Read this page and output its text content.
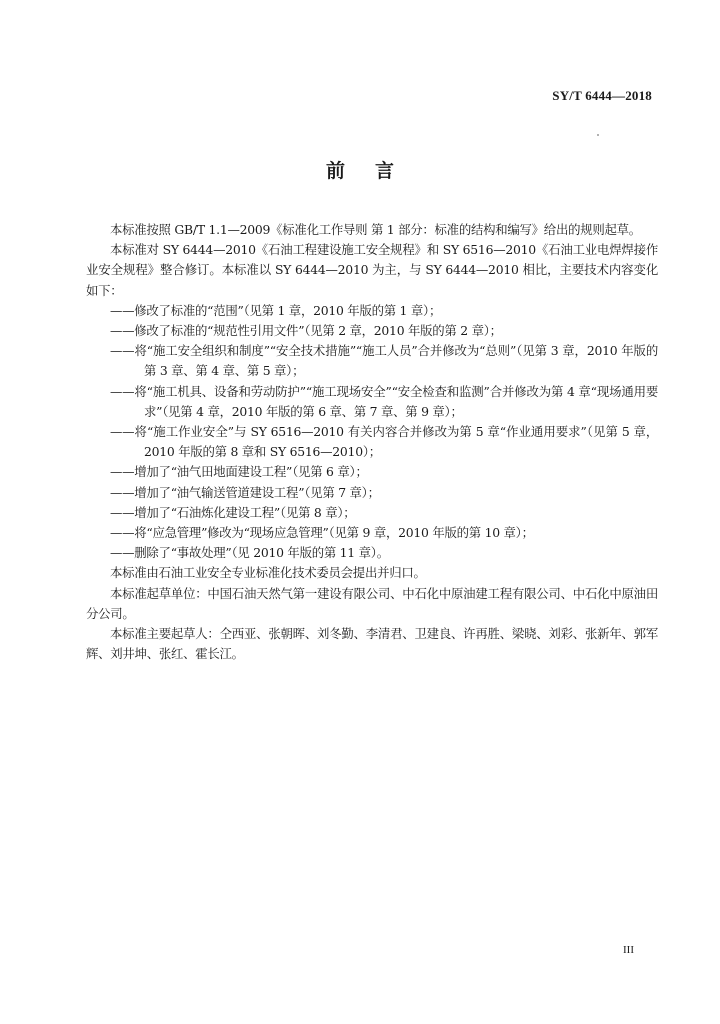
SY/T 6444—2018
前言

本标准按照 GB/T 1.1—2009《标准化工作导则 第 1 部分：标准的结构和编写》给出的规则起草。

本标准对 SY 6444—2010《石油工程建设施工安全规程》和 SY 6516—2010《石油工业电焊焊接作业安全规程》整合修订。本标准以 SY 6444—2010 为主，与 SY 6444—2010 相比，主要技术内容变化如下：

——修改了标准的“范围”（见第 1 章，2010 年版的第 1 章）；

——修改了标准的“规范性引用文件”（见第 2 章，2010 年版的第 2 章）；

——将“施工安全组织和制度”“安全技术措施”“施工人员”合并修改为“总则”（见第 3 章，2010 年版的第 3 章、第 4 章、第 5 章）；

——将“施工机具、设备和劳动防护”“施工现场安全”“安全检查和监测”合并修改为第 4 章“现场通用要求”（见第 4 章，2010 年版的第 6 章、第 7 章、第 9 章）；

——将“施工作业安全”与 SY 6516—2010 有关内容合并修改为第 5 章“作业通用要求”（见第 5 章，2010 年版的第 8 章和 SY 6516—2010）；

——增加了“油气田地面建设工程”（见第 6 章）；

——增加了“油气输送管道建设工程”（见第 7 章）；

——增加了“石油炼化建设工程”（见第 8 章）；

——将“应急管理”修改为“现场应急管理”（见第 9 章，2010 年版的第 10 章）；

——删除了“事故处理”（见 2010 年版的第 11 章）。

本标准由石油工业安全专业标准化技术委员会提出并归口。

本标准起草单位：中国石油天然气第一建设有限公司、中石化中原油建工程有限公司、中石化中原油田分公司。

本标准主要起草人：仝西亚、张朝晖、刘冬勤、李清君、卫建良、许再胜、梁晓、刘彩、张新年、郭军辉、刘井坤、张红、霍长江。

III
